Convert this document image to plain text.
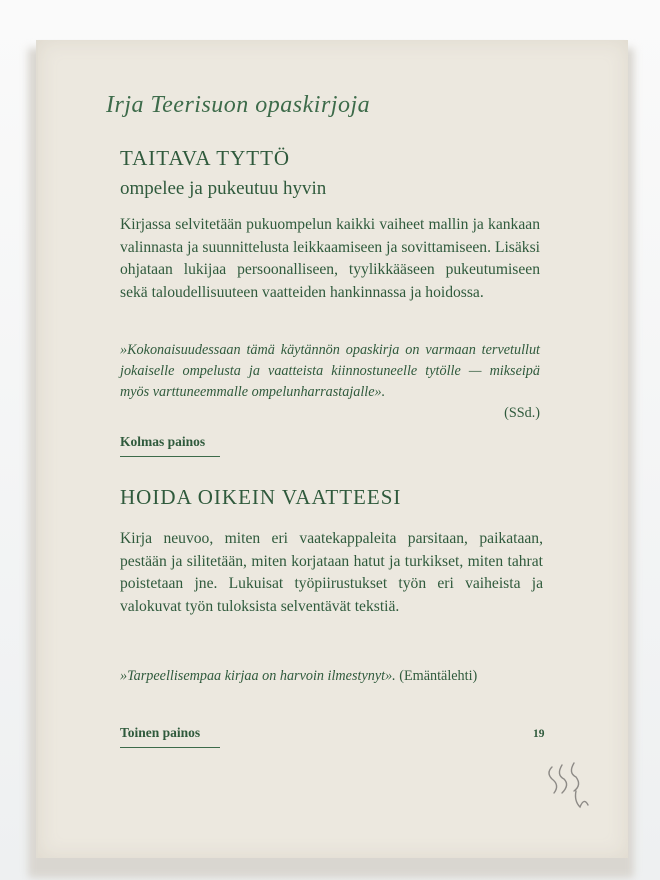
Irja Teerisuon opaskirjoja
TAITAVA TYTTÖ
ompelee ja pukeutuu hyvin
Kirjassa selvitetään pukuompelun kaikki vaiheet mallin ja kankaan valinnasta ja suunnittelusta leikkaamiseen ja sovittamiseen. Lisäksi ohjataan lukijaa persoonalliseen, tyylikkääseen pukeutumiseen sekä taloudellisuuteen vaatteiden hankinnassa ja hoidossa.
»Kokonaisuudessaan tämä käytännön opaskirja on varmaan tervetullut jokaiselle ompelusta ja vaatteista kiinnostuneelle tytölle — mikseipä myös varttuneemmalle ompelunharrastajalle».
(SSd.)
Kolmas painos
HOIDA OIKEIN VAATTEESI
Kirja neuvoo, miten eri vaatekappaleita parsitaan, paikataan, pestään ja silitetään, miten korjataan hatut ja turkikset, miten tahrat poistetaan jne. Lukuisat työpiirustukset työn eri vaiheista ja valokuvat työn tuloksista selventävät tekstiä.
»Tarpeellisempaa kirjaa on harvoin ilmestynyt». (Emäntälehti)
Toinen painos	19
